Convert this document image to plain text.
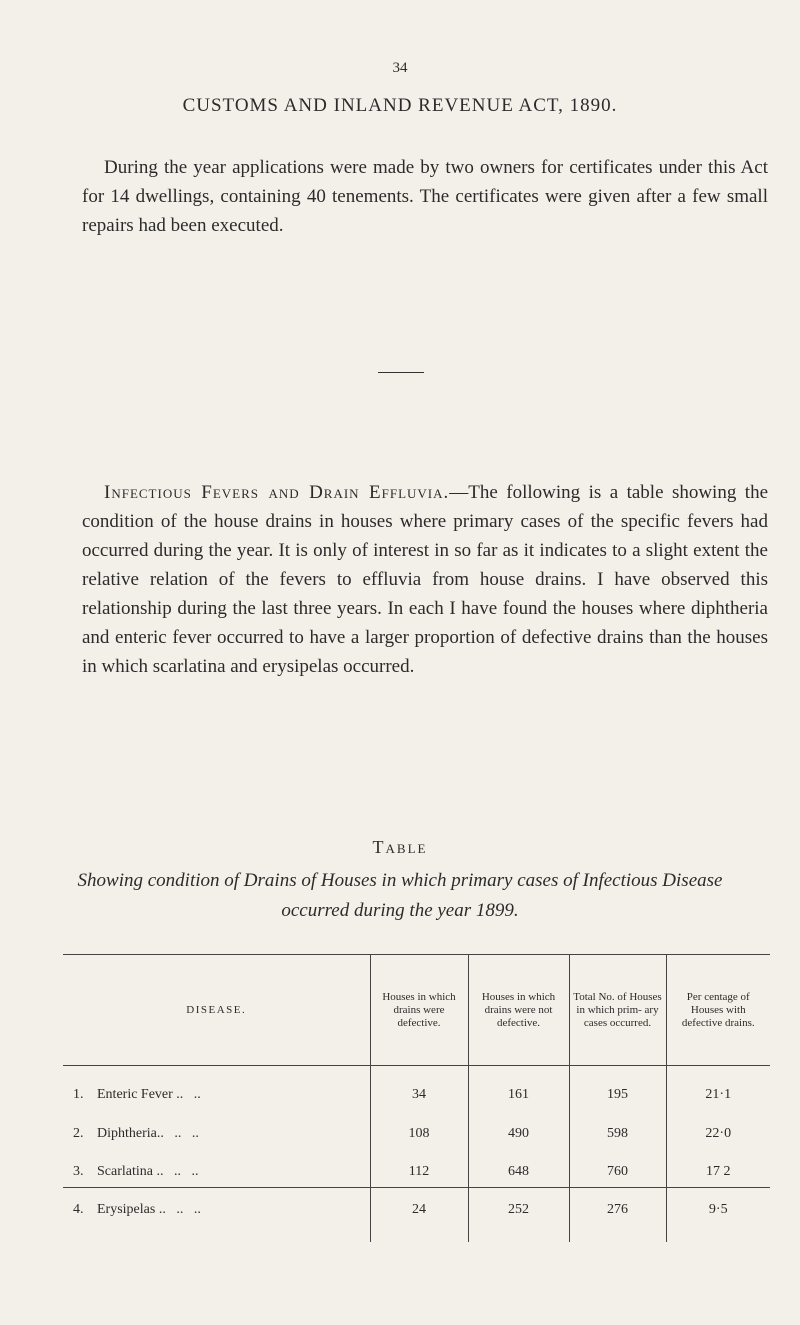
34
CUSTOMS AND INLAND REVENUE ACT, 1890.

During the year applications were made by two owners for certificates under this Act for 14 dwellings, containing 40 tenements. The certificates were given after a few small repairs had been executed.

Infectious Fevers and Drain Effluvia.—The following is a table showing the condition of the house drains in houses where primary cases of the specific fevers had occurred during the year. It is only of interest in so far as it indicates to a slight extent the relative relation of the fevers to effluvia from house drains. I have observed this relationship during the last three years. In each I have found the houses where diphtheria and enteric fever occurred to have a larger proportion of defective drains than the houses in which scarlatina and erysipelas occurred.

Table
Showing condition of Drains of Houses in which primary cases of Infectious Disease occurred during the year 1899.
DISEASE.	Houses in which drains were defective.	Houses in which drains were not defective.	Total No. of Houses in which prim- ary cases occurred.	Per centage of Houses with defective drains.
1. Enteric Fever ..   ..	34	161	195	21·1
2. Diphtheria..   ..   ..	108	490	598	22·0
3. Scarlatina ..   ..   ..	112	648	760	17 2
4. Erysipelas ..   ..   ..	24	252	276	9·5
